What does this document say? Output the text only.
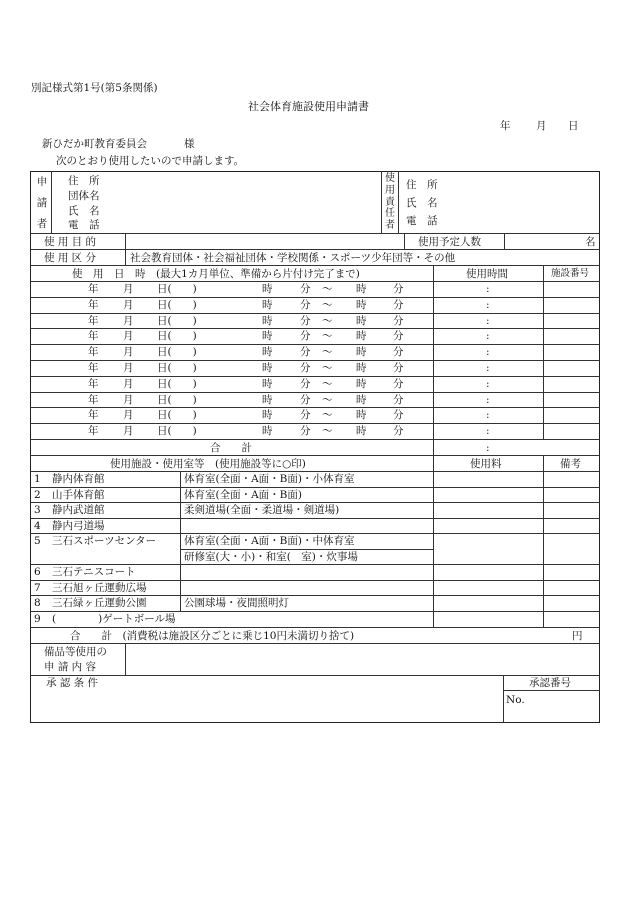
別記様式第1号(第5条関係)
社会体育施設使用申請書
年 月 日
新ひだか町教育委員会	様
次のとおり使用したいので申請します。
申
請
者
住　所
団体名
氏　名
電　話
使
用
責
任
者
住　所
氏　名
電　話
使 用 目 的	使用予定人数	名
使 用 区 分	社会教育団体・社会福祉団体・学校関係・スポーツ少年団等・その他
使　用　日　時　(最大1カ月単位、準備から片付け完了まで)	使用時間	施設番号
年 月 日(　　)	時	分 ～ 時	分	:
年 月 日(　　)	時	分 ～ 時	分	:
年 月 日(　　)	時	分 ～ 時	分	:
年 月 日(　　)	時	分 ～ 時	分	:
年 月 日(　　)	時	分 ～ 時	分	:
年 月 日(　　)	時	分 ～ 時	分	:
年 月 日(　　)	時	分 ～ 時	分	:
年 月 日(　　)	時	分 ～ 時	分	:
年 月 日(　　)	時	分 ～ 時	分	:
年 月 日(　　)	時	分 ～ 時	分	:
合　　計	:
使用施設・使用室等　(使用施設等に○印)	使用料	備考
1 静内体育館	体育室(全面・A面・B面)・小体育室
2 山手体育館	体育室(全面・A面・B面)
3 静内武道館	柔剣道場(全面・柔道場・剣道場)
4 静内弓道場
5 三石スポーツセンター	体育室(全面・A面・B面)・中体育室
研修室(大・小)・和室(　室)・炊事場
6 三石テニスコート
7 三石旭ヶ丘運動広場
8 三石緑ヶ丘運動公園	公園球場・夜間照明灯
9 (　　　　)ゲートボール場
合　　計　(消費税は施設区分ごとに乗じ10円未満切り捨て)	円
備品等使用の
申 請 内 容
承 認 条 件	承認番号
No.
